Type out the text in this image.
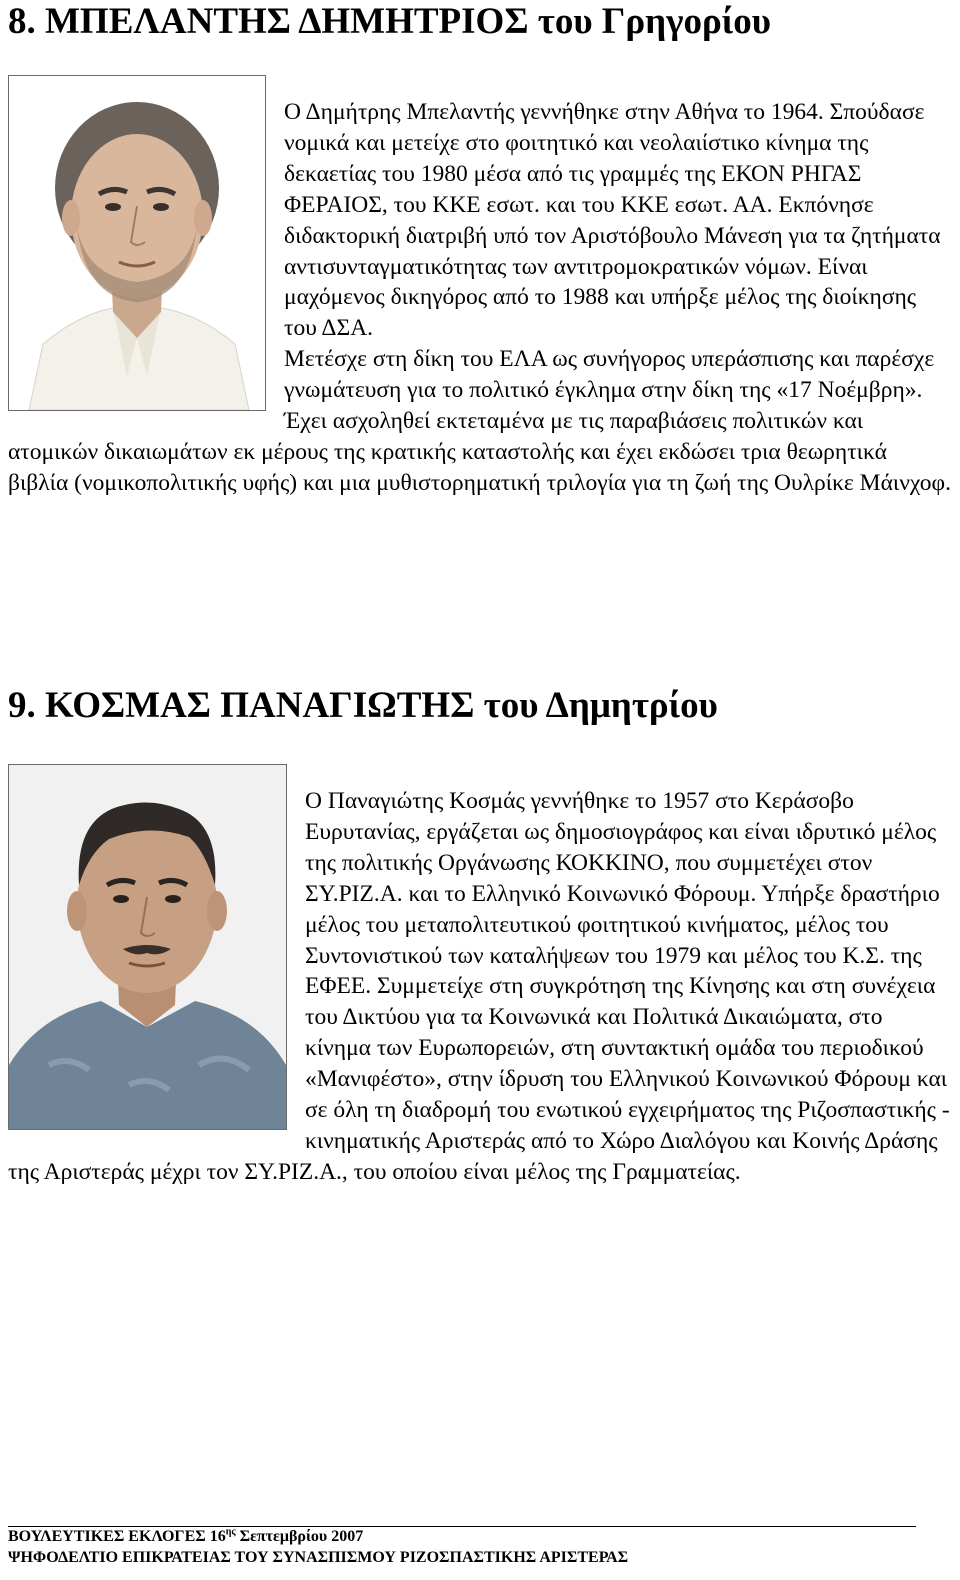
8. ΜΠΕΛΑΝΤΗΣ ΔΗΜΗΤΡΙΟΣ του Γρηγορίου

Ο Δημήτρης Μπελαντής γεννήθηκε στην Αθήνα το 1964. Σπούδασε νομικά και μετείχε στο φοιτητικό και νεολαιίστικο κίνημα της δεκαετίας του 1980 μέσα από τις γραμμές της ΕΚΟΝ ΡΗΓΑΣ ΦΕΡΑΙΟΣ, του ΚΚΕ εσωτ. και του ΚΚΕ εσωτ. ΑΑ. Εκπόνησε διδακτορική διατριβή υπό τον Αριστόβουλο Μάνεση για τα ζητήματα αντισυνταγματικότητας των αντιτρομοκρατικών νόμων. Είναι μαχόμενος δικηγόρος από το 1988 και υπήρξε μέλος της διοίκησης του ΔΣΑ.

Μετέσχε στη δίκη του ΕΛΑ ως συνήγορος υπεράσπισης και παρέσχε γνωμάτευση για το πολιτικό έγκλημα στην δίκη της «17 Νοέμβρη». Έχει ασχοληθεί εκτεταμένα με τις παραβιάσεις πολιτικών και ατομικών δικαιωμάτων εκ μέρους της κρατικής καταστολής και έχει εκδώσει τρια θεωρητικά βιβλία (νομικοπολιτικής υφής) και μια μυθιστορηματική τριλογία για τη ζωή της Ουλρίκε Μάινχοφ.

9. ΚΟΣΜΑΣ ΠΑΝΑΓΙΩΤΗΣ του Δημητρίου

Ο Παναγιώτης Κοσμάς γεννήθηκε το 1957 στο Κεράσοβο Ευρυτανίας, εργάζεται ως δημοσιογράφος και είναι ιδρυτικό μέλος της πολιτικής Οργάνωσης ΚΟΚΚΙΝΟ, που συμμετέχει στον ΣΥ.ΡΙΖ.Α. και το Ελληνικό Κοινωνικό Φόρουμ. Υπήρξε δραστήριο μέλος του μεταπολιτευτικού φοιτητικού κινήματος, μέλος του Συντονιστικού των καταλήψεων του 1979 και μέλος του Κ.Σ. της ΕΦΕΕ. Συμμετείχε στη συγκρότηση της Κίνησης και στη συνέχεια του Δικτύου για τα Κοινωνικά και Πολιτικά Δικαιώματα, στο κίνημα των Ευρωπορειών, στη συντακτική ομάδα του περιοδικού «Μανιφέστο», στην ίδρυση του Ελληνικού Κοινωνικού Φόρουμ και σε όλη τη διαδρομή του ενωτικού εγχειρήματος της Ριζοσπαστικής - κινηματικής Αριστεράς από το Χώρο Διαλόγου και Κοινής Δράσης της Αριστεράς μέχρι τον ΣΥ.ΡΙΖ.Α., του οποίου είναι μέλος της Γραμματείας.

ΒΟΥΛΕΥΤΙΚΕΣ ΕΚΛΟΓΕΣ $16^{\eta\varsigma}$ Σεπτεμβρίου 2007
ΨΗΦΟΔΕΛΤΙΟ ΕΠΙΚΡΑΤΕΙΑΣ ΤΟΥ ΣΥΝΑΣΠΙΣΜΟΥ ΡΙΖΟΣΠΑΣΤΙΚΗΣ ΑΡΙΣΤΕΡΑΣ
